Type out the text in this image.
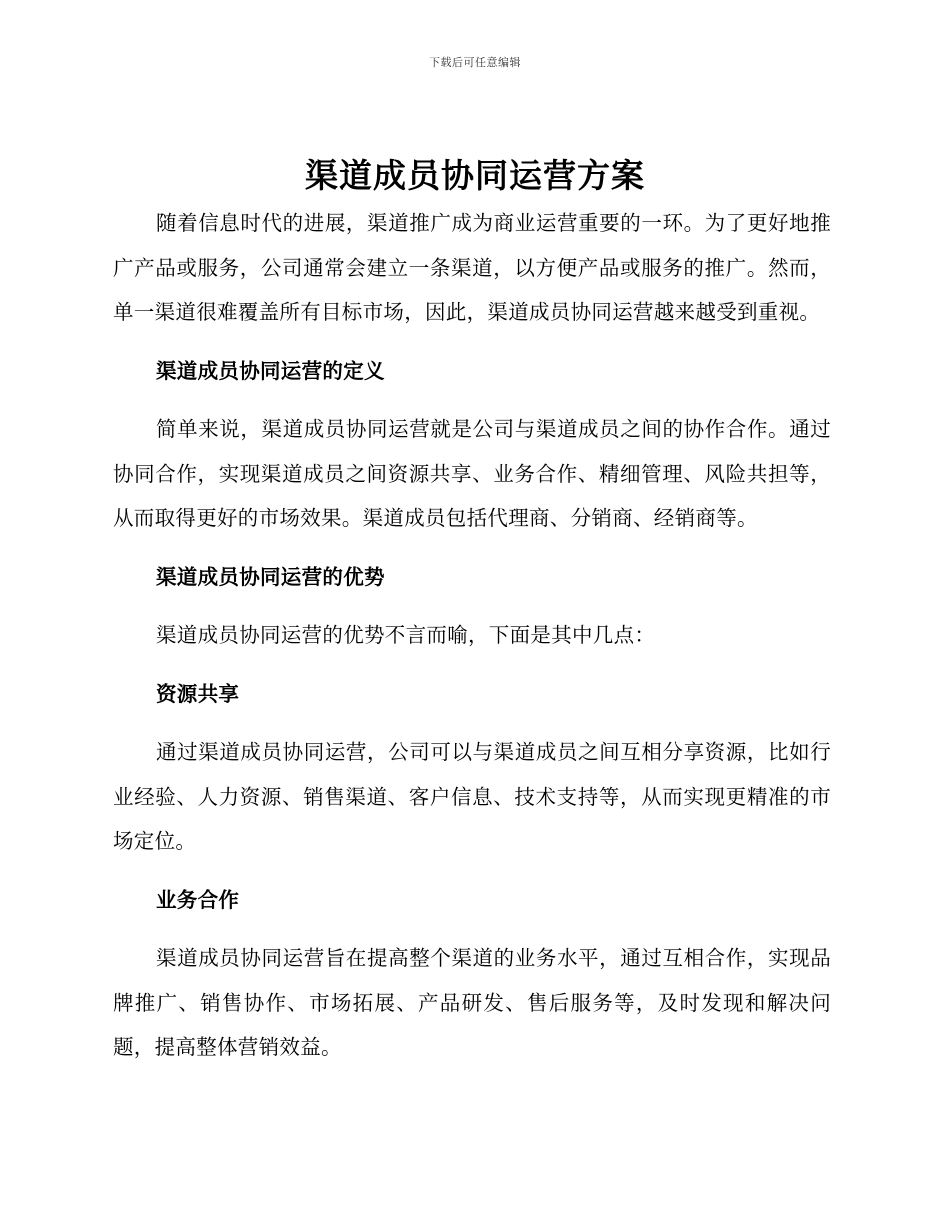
下载后可任意编辑
渠道成员协同运营方案

随着信息时代的进展，渠道推广成为商业运营重要的一环。为了更好地推广产品或服务，公司通常会建立一条渠道，以方便产品或服务的推广。然而，单一渠道很难覆盖所有目标市场，因此，渠道成员协同运营越来越受到重视。

渠道成员协同运营的定义

简单来说，渠道成员协同运营就是公司与渠道成员之间的协作合作。通过协同合作，实现渠道成员之间资源共享、业务合作、精细管理、风险共担等，从而取得更好的市场效果。渠道成员包括代理商、分销商、经销商等。

渠道成员协同运营的优势

渠道成员协同运营的优势不言而喻，下面是其中几点：

资源共享

通过渠道成员协同运营，公司可以与渠道成员之间互相分享资源，比如行业经验、人力资源、销售渠道、客户信息、技术支持等，从而实现更精准的市场定位。

业务合作

渠道成员协同运营旨在提高整个渠道的业务水平，通过互相合作，实现品牌推广、销售协作、市场拓展、产品研发、售后服务等，及时发现和解决问题，提高整体营销效益。
